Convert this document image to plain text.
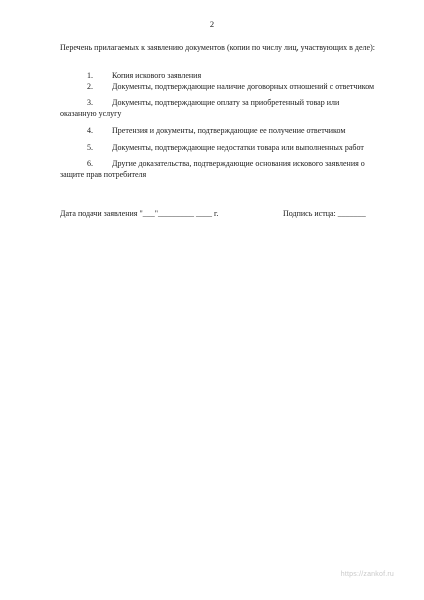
2
Перечень прилагаемых к заявлению документов (копии по числу лиц, участвующих в деле):
1. Копия искового заявления
2. Документы, подтверждающие наличие договорных отношений с ответчиком
3. Документы, подтверждающие оплату за приобретенный товар или
оказанную услугу
4. Претензия и документы, подтверждающие ее получение ответчиком
5. Документы, подтверждающие недостатки товара или выполненных работ
6. Другие доказательства, подтверждающие основания искового заявления о
защите прав потребителя
Дата подачи заявления "___"_________ ____ г.	Подпись истца: _______
https://zankof.ru
